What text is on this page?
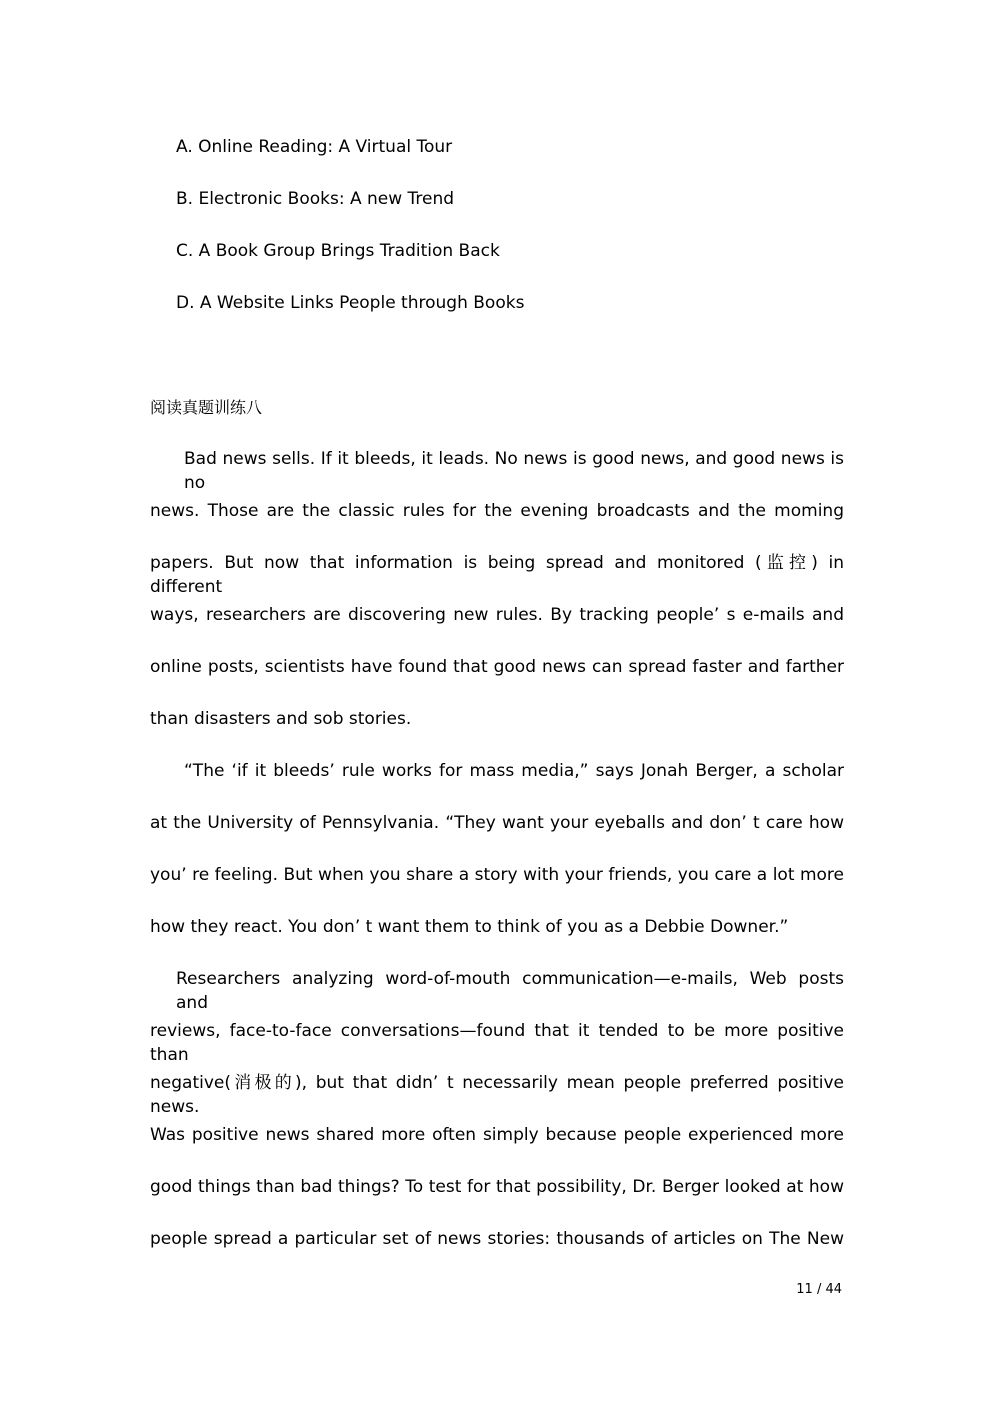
A. Online Reading: A Virtual Tour
B. Electronic Books: A new Trend
C. A Book Group Brings Tradition Back
D. A Website Links People through Books
阅读真题训练八
Bad news sells. If it bleeds, it leads. No news is good news, and good news is no
news. Those are the classic rules for the evening broadcasts and the moming
papers. But now that information is being spread and monitored (监控) in different
ways, researchers are discovering new rules. By tracking people’ s e-mails and
online posts, scientists have found that good news can spread faster and farther
than disasters and sob stories.
“The ‘if it bleeds’ rule works for mass media,” says Jonah Berger, a scholar
at the University of Pennsylvania. “They want your eyeballs and don’ t care how
you’ re feeling. But when you share a story with your friends, you care a lot more
how they react. You don’ t want them to think of you as a Debbie Downer.”
Researchers analyzing word-of-mouth communication—e-mails, Web posts and
reviews, face-to-face conversations—found that it tended to be more positive than
negative(消极的), but that didn’ t necessarily mean people preferred positive news.
Was positive news shared more often simply because people experienced more
good things than bad things? To test for that possibility, Dr. Berger looked at how
people spread a particular set of news stories: thousands of articles on The New
11 / 44
